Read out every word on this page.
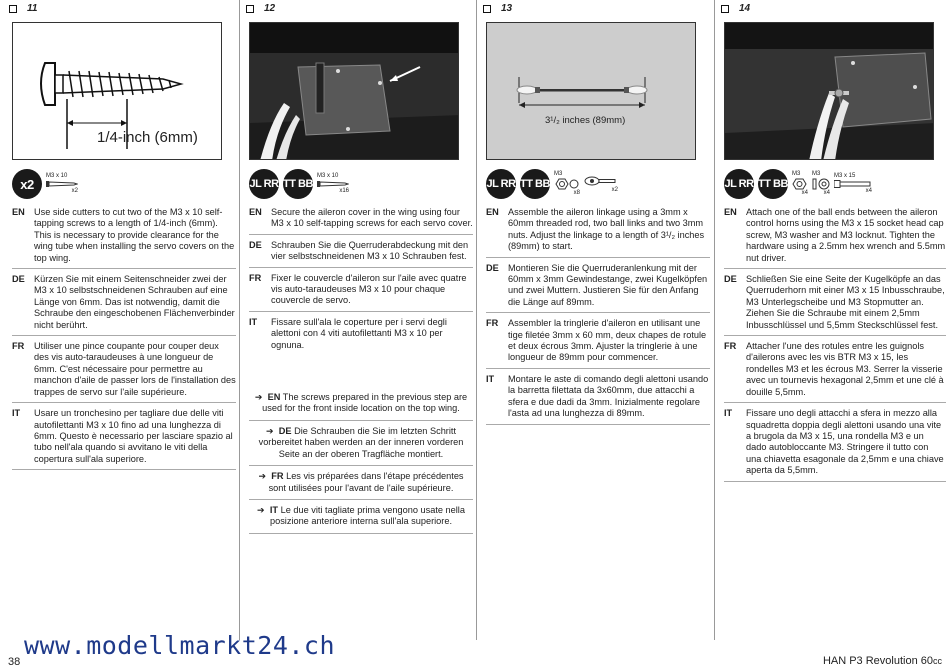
11
1/4-inch (6mm)
x2
M3 x 10
x2
EN	Use side cutters to cut two of the M3 x 10 self-tapping screws to a length of 1/4-inch (6mm). This is necessary to provide clearance for the wing tube when installing the servo covers on the top wing.
DE	Kürzen Sie mit einem Seitenschneider zwei der M3 x 10 selbstschneidenen Schrauben auf eine Länge von 6mm. Das ist notwendig, damit die Schraube den eingeschobenen Flächenverbinder nicht berührt.
FR	Utiliser une pince coupante pour couper deux des vis auto-taraudeuses à une longueur de 6mm. C'est nécessaire pour permettre au manchon d'aile de passer lors de l'installation des trappes de servo sur l'aile supérieure.
IT	Usare un tronchesino per tagliare due delle viti autofilettanti M3 x 10 fino ad una lunghezza di 6mm. Questo è necessario per lasciare spazio al tubo nell'ala quando si avvitano le viti della copertura sull'ala superiore.
12
JL RR TT BB
M3 x 10
x16
EN	Secure the aileron cover in the wing using four M3 x 10 self-tapping screws for each servo cover.
DE	Schrauben Sie die Querruderabdeckung mit den vier selbstschneidenen M3 x 10 Schrauben fest.
FR	Fixer le couvercle d'aileron sur l'aile avec quatre vis auto-taraudeuses M3 x 10 pour chaque couvercle de servo.
IT	Fissare sull'ala le coperture per i servi degli alettoni con 4 viti autofilettanti M3 x 10 per ognuna.
➔ EN The screws prepared in the previous step are used for the front inside location on the top wing.
➔ DE Die Schrauben die Sie im letzten Schritt vorbereitet haben werden an der inneren vorderen Seite an der oberen Tragfläche montiert.
➔ FR Les vis préparées dans l'étape précédentes sont utilisées pour l'avant de l'aile supérieure.
➔ IT Le due viti tagliate prima vengono usate nella posizione anteriore interna sull'ala superiore.
13
3¹/₂ inches (89mm)
JL RR TT BB
M3
x8
x2
EN	Assemble the aileron linkage using a 3mm x 60mm threaded rod, two ball links and two 3mm nuts. Adjust the linkage to a length of 3¹/₂ inches (89mm) to start.
DE	Montieren Sie die Querruderanlenkung mit der 60mm x 3mm Gewindestange, zwei Kugelköpfen und zwei Muttern. Justieren Sie für den Anfang die Länge auf 89mm.
FR	Assembler la tringlerie d'aileron en utilisant une tige filetée 3mm x 60 mm, deux chapes de rotule et deux écrous 3mm. Ajuster la tringlerie à une longueur de 89mm pour commencer.
IT	Montare le aste di comando degli alettoni usando la barretta filettata da 3x60mm, due attacchi a sfera e due dadi da 3mm. Inizialmente regolare l'asta ad una lunghezza di 89mm.
14
JL RR TT BB
M3
x4
M3
x4
M3 x 15
x4
EN	Attach one of the ball ends between the aileron control horns using the M3 x 15 socket head cap screw, M3 washer and M3 locknut. Tighten the hardware using a 2.5mm hex wrench and 5.5mm nut driver.
DE	Schließen Sie eine Seite der Kugelköpfe an das Querruderhorn mit einer M3 x 15 Inbusschraube, M3 Unterlegscheibe und M3 Stopmutter an. Ziehen Sie die Schraube mit einem 2,5mm Inbusschlüssel und 5,5mm Steckschlüssel fest.
FR	Attacher l'une des rotules entre les guignols d'ailerons avec les vis BTR M3 x 15, les rondelles M3 et les écrous M3. Serrer la visserie avec un tournevis hexagonal 2,5mm et une clé à douille 5,5mm.
IT	Fissare uno degli attacchi a sfera in mezzo alla squadretta doppia degli alettoni usando una vite a brugola da M3 x 15, una rondella M3 e un dado autobloccante M3. Stringere il tutto con una chiavetta esagonale da 2,5mm e una chiave aperta da 5,5mm.
www.modellmarkt24.ch
38	HAN P3 Revolution 60cc
